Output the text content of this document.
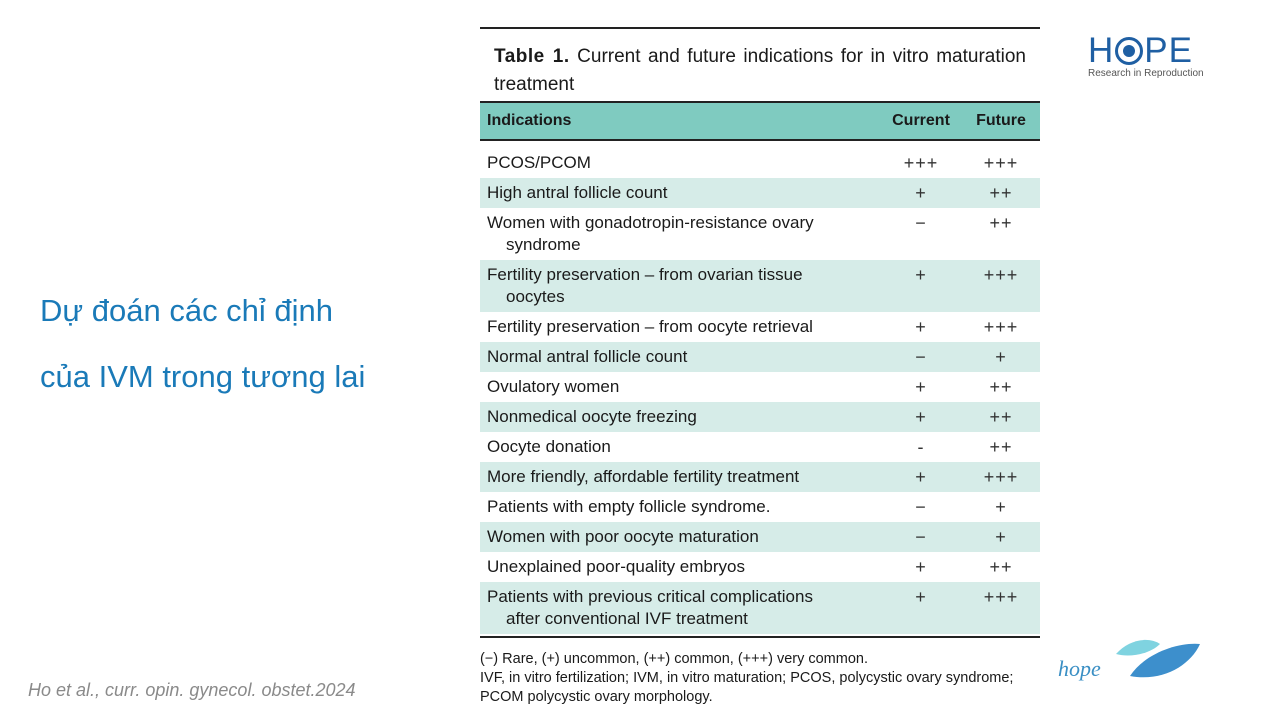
Dự đoán các chỉ định
của IVM trong tương lai
Ho et al., curr. opin. gynecol. obstet.2024
H PE
Research in Reproduction
hope
Table 1. Current and future indications for in vitro maturation treatment
Indications	Current	Future
PCOS/PCOM	+++	+++
High antral follicle count	+	++
Women with gonadotropin-resistance ovary
syndrome
−	++
Fertility preservation – from ovarian tissue
oocytes
+	+++
Fertility preservation – from oocyte retrieval	+	+++
Normal antral follicle count	−	+
Ovulatory women	+	++
Nonmedical oocyte freezing	+	++
Oocyte donation	-	++
More friendly, affordable fertility treatment	+	+++
Patients with empty follicle syndrome.	−	+
Women with poor oocyte maturation	−	+
Unexplained poor-quality embryos	+	++
Patients with previous critical complications
after conventional IVF treatment
+	+++
(−) Rare, (+) uncommon, (++) common, (+++) very common.
IVF, in vitro fertilization; IVM, in vitro maturation; PCOS, polycystic ovary syndrome; PCOM polycystic ovary morphology.
